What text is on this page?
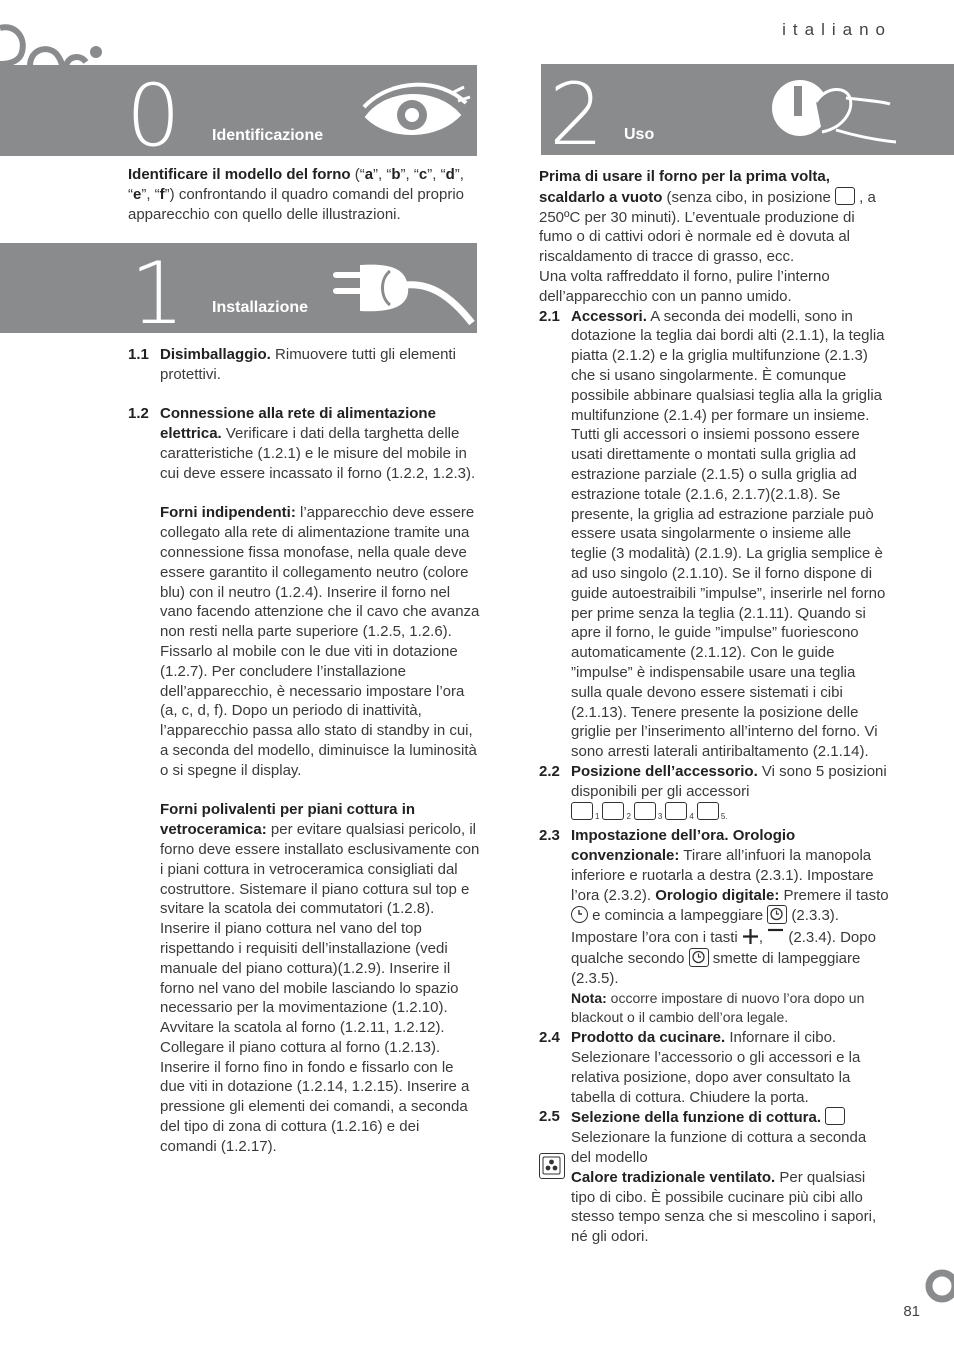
italiano
0 Identificazione

Identificare il modello del forno (“a”, “b”, “c”, “d”, “e”, “f”) confrontando il quadro comandi del proprio apparecchio con quello delle illustrazioni.

1 Installazione
1.1 Disimballaggio. Rimuovere tutti gli elementi protettivi.

1.2 Connessione alla rete di alimentazione elettrica. Verificare i dati della targhetta delle caratteristiche (1.2.1) e le misure del mobile in cui deve essere incassato il forno (1.2.2, 1.2.3).

Forni indipendenti: l’apparecchio deve essere collegato alla rete di alimentazione tramite una connessione fissa monofase, nella quale deve essere garantito il collegamento neutro (colore blu) con il neutro (1.2.4). Inserire il forno nel vano facendo attenzione che il cavo che avanza non resti nella parte superiore (1.2.5, 1.2.6). Fissarlo al mobile con le due viti in dotazione (1.2.7). Per concludere l’installazione dell’apparecchio, è necessario impostare l’ora (a, c, d, f). Dopo un periodo di inattività, l’apparecchio passa allo stato di standby in cui, a seconda del modello, diminuisce la luminosità o si spegne il display.

Forni polivalenti per piani cottura in vetroceramica: per evitare qualsiasi pericolo, il forno deve essere installato esclusivamente con i piani cottura in vetroceramica consigliati dal costruttore. Sistemare il piano cottura sul top e svitare la scatola dei commutatori (1.2.8). Inserire il piano cottura nel vano del top rispettando i requisiti dell’installazione (vedi manuale del piano cottura)(1.2.9). Inserire il forno nel vano del mobile lasciando lo spazio necessario per la movimentazione (1.2.10). Avvitare la scatola al forno (1.2.11, 1.2.12). Collegare il piano cottura al forno (1.2.13). Inserire il forno fino in fondo e fissarlo con le due viti in dotazione (1.2.14, 1.2.15). Inserire a pressione gli elementi dei comandi, a seconda del tipo di zona di cottura (1.2.16) e dei comandi (1.2.17).

2 Uso

Prima di usare il forno per la prima volta, scaldarlo a vuoto (senza cibo, in posizione  , a 250ºC per 30 minuti). L’eventuale produzione di fumo o di cattivi odori è normale ed è dovuta al riscaldamento di tracce di grasso, ecc.

Una volta raffreddato il forno, pulire l’interno dell’apparecchio con un panno umido.

2.1 Accessori. A seconda dei modelli, sono in dotazione la teglia dai bordi alti (2.1.1), la teglia piatta (2.1.2) e la griglia multifunzione (2.1.3) che si usano singolarmente. È comunque possibile abbinare qualsiasi teglia alla la griglia multifunzione (2.1.4) per formare un insieme. Tutti gli accessori o insiemi possono essere usati direttamente o montati sulla griglia ad estrazione parziale (2.1.5) o sulla griglia ad estrazione totale (2.1.6, 2.1.7)(2.1.8). Se presente, la griglia ad estrazione parziale può essere usata singolarmente o insieme alle teglie (3 modalità) (2.1.9). La griglia semplice è ad uso singolo (2.1.10). Se il forno dispone di guide autoestraibili ”impulse”, inserirle nel forno per prime senza la teglia (2.1.11). Quando si apre il forno, le guide ”impulse” fuoriescono automaticamente (2.1.12). Con le guide ”impulse” è indispensabile usare una teglia sulla quale devono essere sistemati i cibi (2.1.13). Tenere presente la posizione delle griglie per l’inserimento all’interno del forno. Vi sono arresti laterali antiribaltamento (2.1.14).

2.2 Posizione dell’accessorio. Vi sono 5 posizioni disponibili per gli accessori

$_1$	$_2$	$_3$	$_4$	$_{5.}$

2.3 Impostazione dell’ora. Orologio convenzionale: Tirare all’infuori la manopola inferiore e ruotarla a destra (2.3.1). Impostare l’ora (2.3.2). Orologio digitale: Premere il tasto
e comincia a lampeggiare
(2.3.3). Impostare l’ora con i tasti ,  (2.3.4). Dopo qualche secondo
smette di lampeggiare (2.3.5).

Nota: occorre impostare di nuovo l’ora dopo un blackout o il cambio dell’ora legale.

2.4 Prodotto da cucinare. Infornare il cibo. Selezionare l’accessorio o gli accessori e la relativa posizione, dopo aver consultato la tabella di cottura. Chiudere la porta.

2.5 Selezione della funzione di cottura.

Selezionare la funzione di cottura a seconda del modello

Calore tradizionale ventilato. Per qualsiasi tipo di cibo. È possibile cucinare più cibi allo stesso tempo senza che si mescolino i sapori, né gli odori.

81
